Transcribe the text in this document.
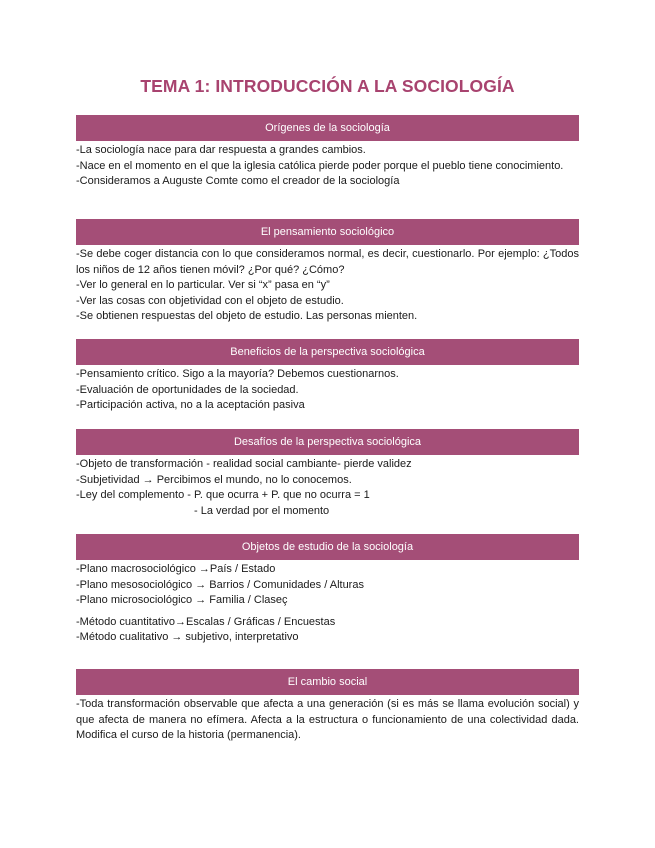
TEMA 1: INTRODUCCIÓN A LA SOCIOLOGÍA
Orígenes de la sociología
-La sociología nace para dar respuesta a grandes cambios.
-Nace en el momento en el que la iglesia católica pierde poder porque el pueblo tiene conocimiento.
-Consideramos a Auguste Comte como el creador de la sociología
El pensamiento sociológico
-Se debe coger distancia con lo que consideramos normal, es decir, cuestionarlo. Por ejemplo: ¿Todos los niños de 12 años tienen móvil? ¿Por qué? ¿Cómo?
-Ver lo general en lo particular. Ver si “x” pasa en “y”
-Ver las cosas con objetividad con el objeto de estudio.
-Se obtienen respuestas del objeto de estudio. Las personas mienten.
Beneficios de la perspectiva sociológica
-Pensamiento crítico. Sigo a la mayoría? Debemos cuestionarnos.
-Evaluación de oportunidades de la sociedad.
-Participación activa, no a la aceptación pasiva
Desafíos de la perspectiva sociológica
-Objeto de transformación - realidad social cambiante- pierde validez
-Subjetividad → Percibimos el mundo, no lo conocemos.
-Ley del complemento - P. que ocurra + P. que no ocurra = 1
- La verdad por el momento
Objetos de estudio de la sociología
-Plano macrosociológico →País / Estado
-Plano mesosociológico → Barrios / Comunidades / Alturas
-Plano microsociológico → Familia / Claseç
-Método cuantitativo→Escalas / Gráficas / Encuestas
-Método cualitativo → subjetivo, interpretativo
El cambio social
-Toda transformación observable que afecta a una generación (si es más se llama evolución social) y que afecta de manera no efímera. Afecta a la estructura o funcionamiento de una colectividad dada. Modifica el curso de la historia (permanencia).
